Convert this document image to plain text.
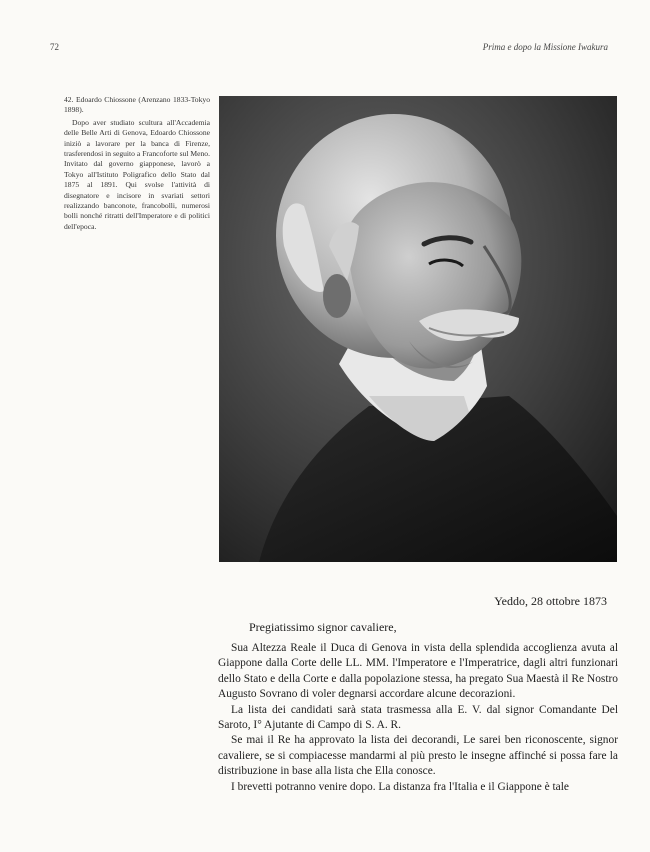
72	Prima e dopo la Missione Iwakura

42. Edoardo Chiossone (Arenzano 1833-Tokyo 1898).

Dopo aver studiato scultura all'Accademia delle Belle Arti di Genova, Edoardo Chiossone iniziò a lavorare per la banca di Firenze, trasferendosi in seguito a Francoforte sul Meno. Invitato dal governo giapponese, lavorò a Tokyo all'Istituto Poligrafico dello Stato dal 1875 al 1891. Qui svolse l'attività di disegnatore e incisore in svariati settori realizzando banconote, francobolli, numerosi bolli nonché ritratti dell'Imperatore e di politici dell'epoca.

Yeddo, 28 ottobre 1873
Pregiatissimo signor cavaliere,

Sua Altezza Reale il Duca di Genova in vista della splendida accoglienza avuta al Giappone dalla Corte delle LL. MM. l'Imperatore e l'Imperatrice, dagli altri funzionari dello Stato e della Corte e dalla popolazione stessa, ha pregato Sua Maestà il Re Nostro Augusto Sovrano di voler degnarsi accordare alcune decorazioni.

La lista dei candidati sarà stata trasmessa alla E. V. dal signor Comandante Del Saroto, I° Ajutante di Campo di S. A. R.

Se mai il Re ha approvato la lista dei decorandi, Le sarei ben riconoscente, signor cavaliere, se si compiacesse mandarmi al più presto le insegne affinché si possa fare la distribuzione in base alla lista che Ella conosce.

I brevetti potranno venire dopo. La distanza fra l'Italia e il Giappone è tale
